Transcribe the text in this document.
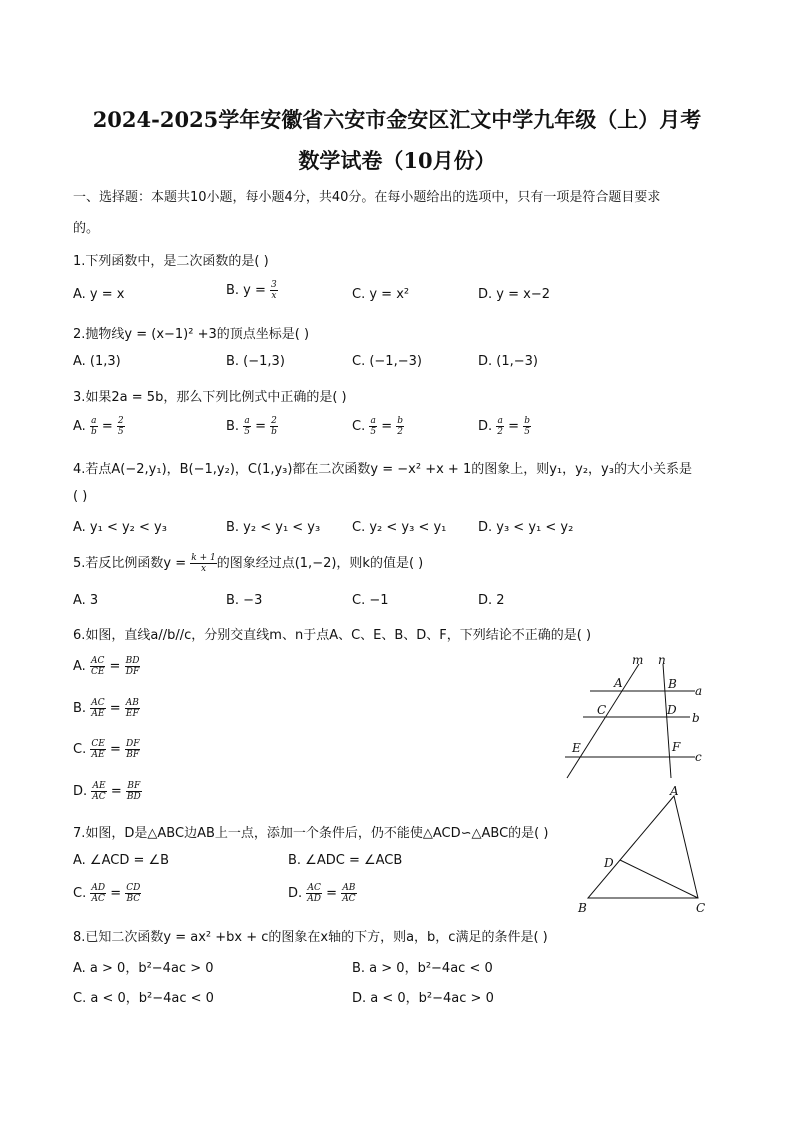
2024-2025学年安徽省六安市金安区汇文中学九年级（上）月考
数学试卷（10月份）
一、选择题：本题共10小题，每小题4分，共40分。在每小题给出的选项中，只有一项是符合题目要求
的。
1.下列函数中，是二次函数的是( )
A. y = x	B. $y = \frac{3}{x}$	C. y = x²	D. y = x−2
2.抛物线y = (x−1)² +3的顶点坐标是( )
A. (1,3)	B. (−1,3)	C. (−1,−3)	D. (1,−3)
3.如果2a = 5b，那么下列比例式中正确的是( )
A. $\frac{a}{b} = \frac{2}{5}$	B. $\frac{a}{5} = \frac{2}{b}$	C. $\frac{a}{5} = \frac{b}{2}$	D. $\frac{a}{2} = \frac{b}{5}$
4.若点A(−2,y₁)，B(−1,y₂)，C(1,y₃)都在二次函数y = −x² +x + 1的图象上，则y₁，y₂，y₃的大小关系是
( )
A. y₁ < y₂ < y₃	B. y₂ < y₁ < y₃ C. y₂ < y₃ < y₁ D. y₃ < y₁ < y₂
5.若反比例函数$y = \frac{k + 1}{x}$ 的图象经过点(1,−2)，则k的值是( )
A. 3	B. −3	C. −1	D. 2
6.如图，直线a//b//c，分别交直线m、n于点A、C、E、B、D、F，下列结论不正确的是( )
A. $\frac{AC}{CE} = \frac{BD}{DF}$
B. $\frac{AC}{AE} = \frac{AB}{EF}$
C. $\frac{CE}{AE} = \frac{DF}{BF}$
D. $\frac{AE}{AC} = \frac{BF}{BD}$
m n
A	B a
C	D
b
E	F
c
7.如图，D是△ABC边AB上一点，添加一个条件后，仍不能使△ACD∽△ABC的是( )
A. ∠ACD = ∠B	B. ∠ADC = ∠ACB
C. $\frac{AD}{AC} = \frac{CD}{BC}$	D. $\frac{AC}{AD} = \frac{AB}{AC}$
A
D
B	C
8.已知二次函数y = ax² +bx + c的图象在x轴的下方，则a，b，c满足的条件是( )
A. a > 0，b²−4ac > 0	B. a > 0，b²−4ac < 0
C. a < 0，b²−4ac < 0	D. a < 0，b²−4ac > 0
